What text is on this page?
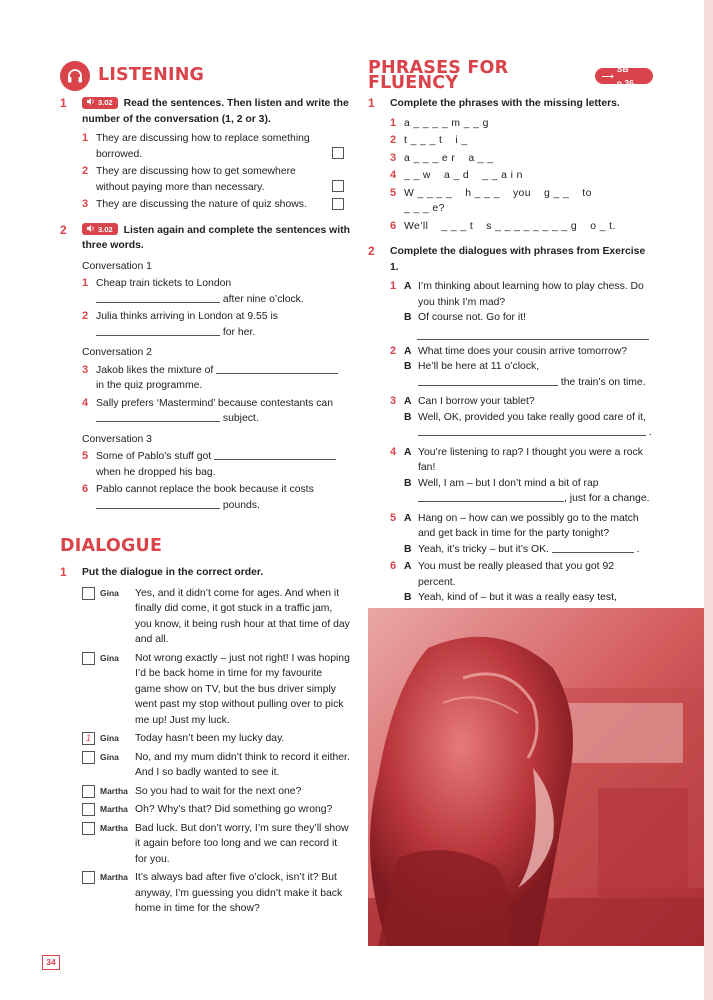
LISTENING
1	3.02 Read the sentences. Then listen and write the number of the conversation (1, 2 or 3).
1 They are discussing how to replace something borrowed.
2 They are discussing how to get somewhere without paying more than necessary.
3 They are discussing the nature of quiz shows.
2	3.02 Listen again and complete the sentences with three words.
Conversation 1
1 Cheap train tickets to London
after nine o’clock.
2 Julia thinks arriving in London at 9.55 is
for her.
Conversation 2
3 Jakob likes the mixture of
in the quiz programme.
4 Sally prefers ‘Mastermind’ because contestants can
subject.
Conversation 3
5 Some of Pablo’s stuff got
when he dropped his bag.
6 Pablo cannot replace the book because it costs
pounds.
DIALOGUE
1	Put the dialogue in the correct order.
Gina	Yes, and it didn’t come for ages. And when it finally did come, it got stuck in a traffic jam, you know, it being rush hour at that time of day and all.
Gina	Not wrong exactly – just not right! I was hoping I’d be back home in time for my favourite game show on TV, but the bus driver simply went past my stop without pulling over to pick me up! Just my luck.
1	Gina	Today hasn’t been my lucky day.
Gina	No, and my mum didn’t think to record it either. And I so badly wanted to see it.
Martha So you had to wait for the next one?
Martha Oh? Why’s that? Did something go wrong?
Martha Bad luck. But don’t worry, I’m sure they’ll show it again before too long and we can record it for you.
Martha It’s always bad after five o’clock, isn’t it? But anyway, I’m guessing you didn’t make it back home in time for the show?
PHRASES FOR FLUENCY	⟶
SB p.36
1	Complete the phrases with the missing letters.
1 a _ _ _ _ m _ _ g
2 t _ _ _ t    i _
3 a _ _ _ e r    a _ _
4 _ _ w    a _ d    _ _ a i n
5 W _ _ _ _    h _ _ _    you    g _ _    to
_ _ _ e?
6 We’ll    _ _ _ t    s _ _ _ _ _ _ _ _ g    o _ t.
2	Complete the dialogues with phrases from Exercise 1.
1 A I’m thinking about learning how to play chess. Do you think I’m mad?
B Of course not. Go for it!
2 A What time does your cousin arrive tomorrow?
B He’ll be here at 11 o’clock,
the train’s on time.
3 A Can I borrow your tablet?
B Well, OK, provided you take really good care of it,
.
4 A You’re listening to rap? I thought you were a rock fan!
B Well, I am – but I don’t mind a bit of rap
, just for a change.
5 A Hang on – how can we possibly go to the match and get back in time for the party tonight?
B Yeah, it’s tricky – but it’s OK.	.
6 A You must be really pleased that you got 92 percent.
B Yeah, kind of – but it was a really easy test,
34
